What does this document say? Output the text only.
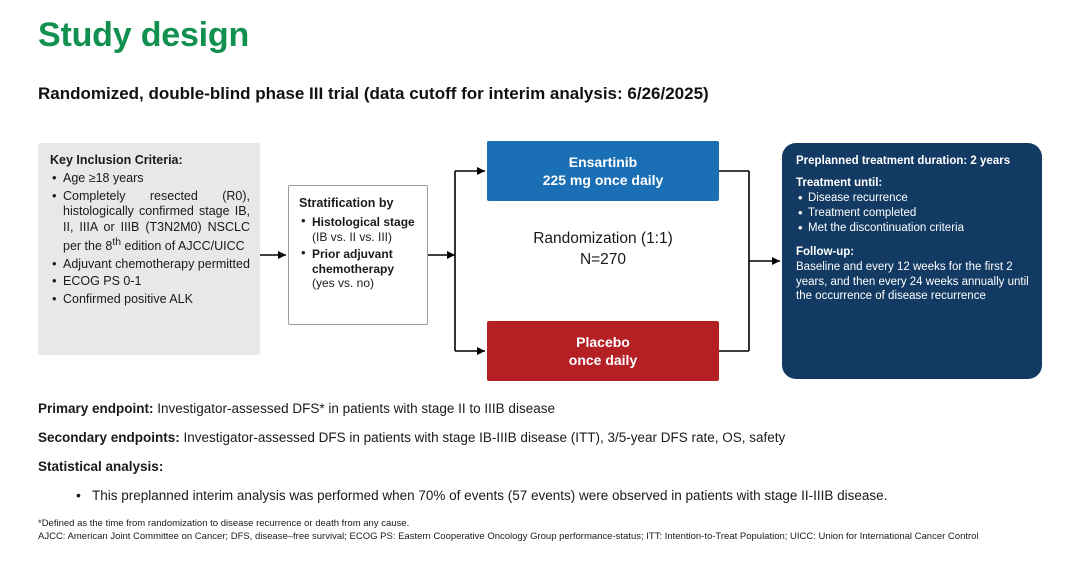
Study design
Randomized, double-blind phase III trial (data cutoff for interim analysis: 6/26/2025)
Key Inclusion Criteria:
• Age ≥18 years
• Completely resected (R0), histologically confirmed stage IB, II, IIIA or IIIB (T3N2M0) NSCLC per the 8th edition of AJCC/UICC
• Adjuvant chemotherapy permitted
• ECOG PS 0-1
• Confirmed positive ALK
Stratification by
• Histological stage (IB vs. II vs. III)
• Prior adjuvant chemotherapy (yes vs. no)
Ensartinib
225 mg once daily
Randomization (1:1)
N=270
Placebo
once daily
Preplanned treatment duration: 2 years
Treatment until:
• Disease recurrence
• Treatment completed
• Met the discontinuation criteria
Follow-up:
Baseline and every 12 weeks for the first 2 years, and then every 24 weeks annually until the occurrence of disease recurrence
Primary endpoint: Investigator-assessed DFS* in patients with stage II to IIIB disease
Secondary endpoints: Investigator-assessed DFS in patients with stage IB-IIIB disease (ITT), 3/5-year DFS rate, OS, safety
Statistical analysis:
• This preplanned interim analysis was performed when 70% of events (57 events) were observed in patients with stage II-IIIB disease.
*Defined as the time from randomization to disease recurrence or death from any cause.
AJCC: American Joint Committee on Cancer; DFS, disease–free survival; ECOG PS: Eastern Cooperative Oncology Group performance-status; ITT: Intention-to-Treat Population; UICC: Union for International Cancer Control
